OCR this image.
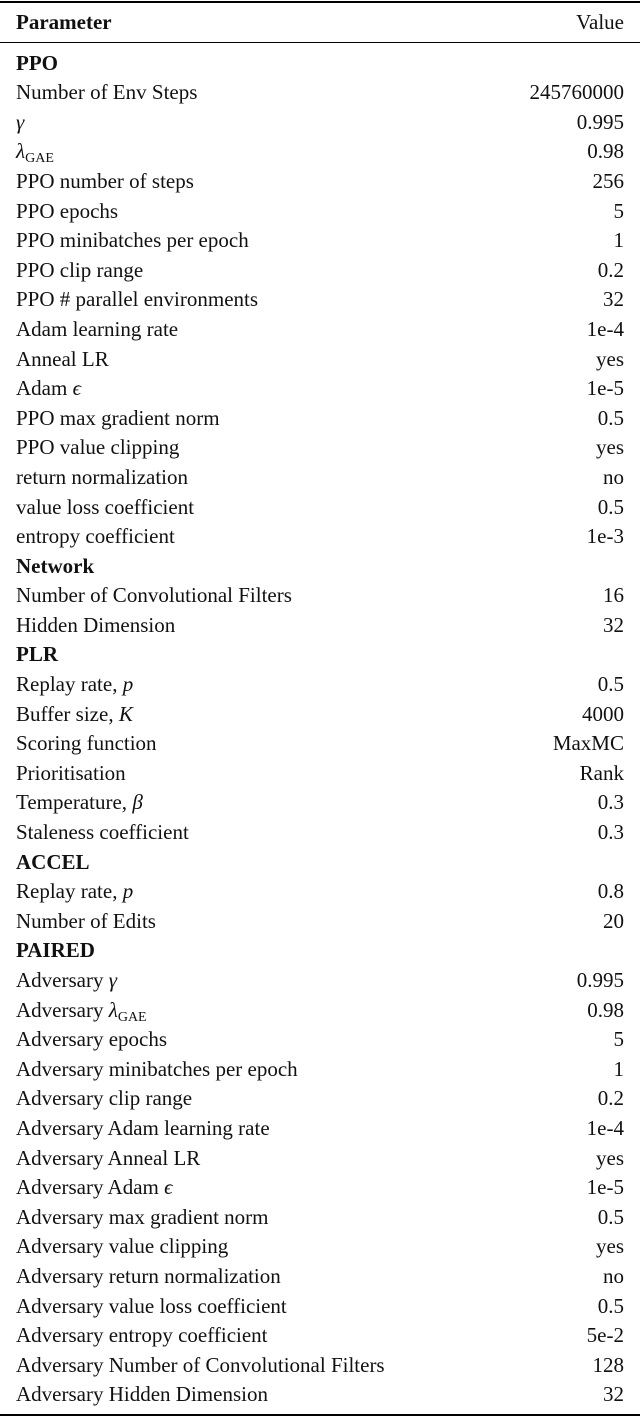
Parameter	Value
PPO
Number of Env Steps	245760000
γ	0.995
$\lambda_{GAE}$	0.98
PPO number of steps	256
PPO epochs	5
PPO minibatches per epoch	1
PPO clip range	0.2
PPO # parallel environments	32
Adam learning rate	1e-4
Anneal LR	yes
Adam ϵ	1e-5
PPO max gradient norm	0.5
PPO value clipping	yes
return normalization	no
value loss coefficient	0.5
entropy coefficient	1e-3
Network
Number of Convolutional Filters	16
Hidden Dimension	32
PLR
Replay rate, p	0.5
Buffer size, K	4000
Scoring function	MaxMC
Prioritisation	Rank
Temperature, β	0.3
Staleness coefficient	0.3
ACCEL
Replay rate, p	0.8
Number of Edits	20
PAIRED
Adversary γ	0.995
Adversary $\lambda_{GAE}$	0.98
Adversary epochs	5
Adversary minibatches per epoch	1
Adversary clip range	0.2
Adversary Adam learning rate	1e-4
Adversary Anneal LR	yes
Adversary Adam ϵ	1e-5
Adversary max gradient norm	0.5
Adversary value clipping	yes
Adversary return normalization	no
Adversary value loss coefficient	0.5
Adversary entropy coefficient	5e-2
Adversary Number of Convolutional Filters	128
Adversary Hidden Dimension	32
